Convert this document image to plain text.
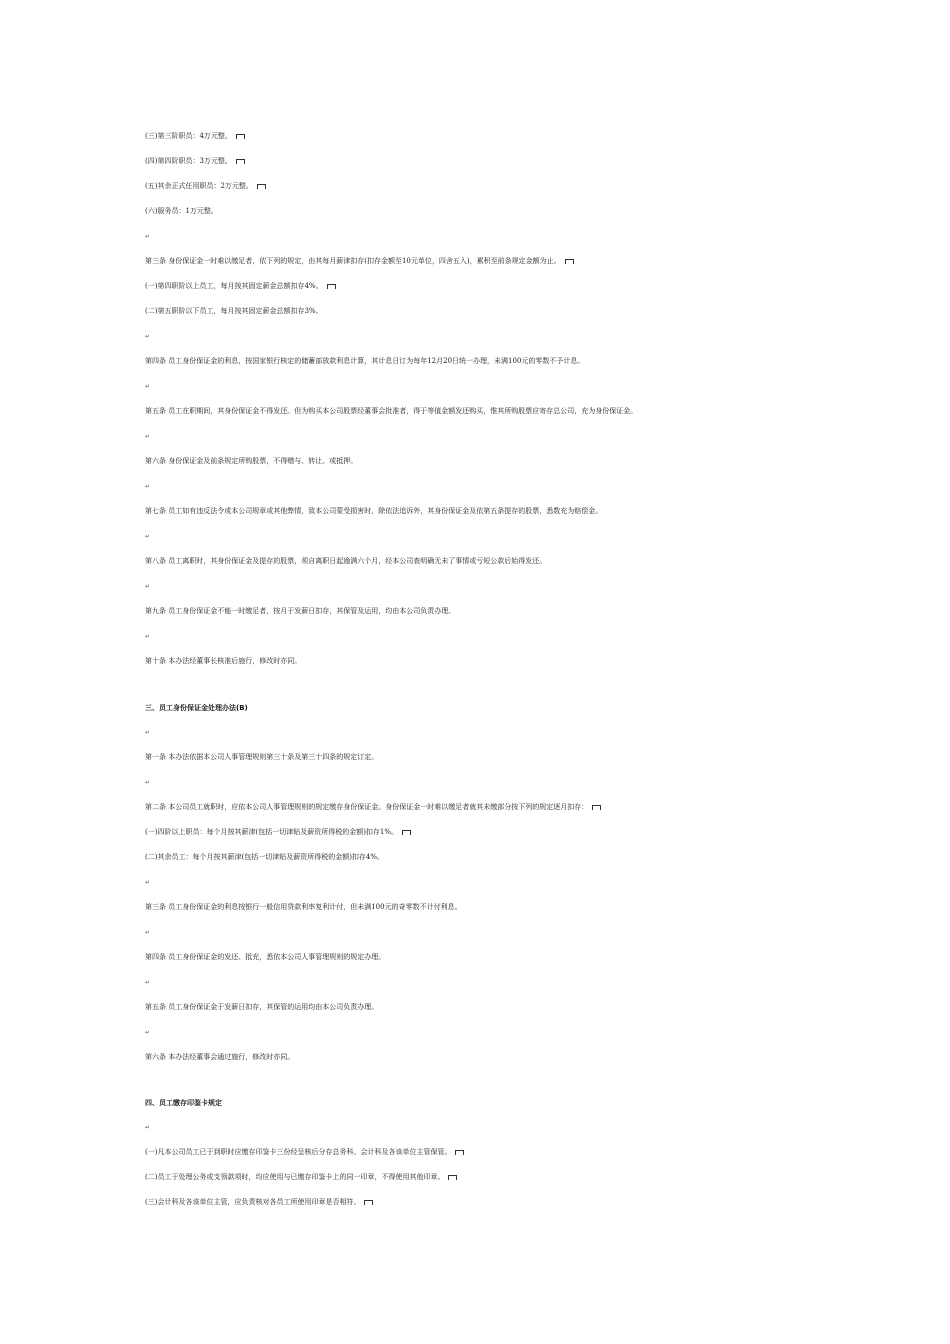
(三)第三阶职员：4万元整。
(四)第四阶职员：3万元整。
(五)其余正式任用职员：2万元整。
(六)服务员：1万元整。
↵
第三条 身份保证金一时难以缴足者，依下列的规定，由其每月薪津扣存(扣存金额至10元单位，四舍五入)，累积至前条规定金额为止。
(一)第四职阶以上员工，每月按其固定薪金总额扣存4%。
(二)第五职阶以下员工，每月按其固定薪金总额扣存3%。
↵
第四条 员工身份保证金的利息，按国家银行核定的储蓄部放款利息计算，其计息日订为每年12月20日统一办理，未满100元的零数不予计息。
↵
第五条 员工在职期间，其身份保证金不得发还。但为购买本公司股票经董事会批准者，得于等值金额发还购买，惟其所购股票应寄存总公司，充为身份保证金。
↵
第六条 身份保证金及前条规定所购股票，不得赠与、转让、或抵押。
↵
第七条 员工如有违反法令或本公司规章或其他弊情，致本公司蒙受损害时，除依法追诉外，其身份保证金及依第五条提存的股票，悉数充为赔偿金。
↵
第八条 员工离职时，其身份保证金及提存的股票，须自离职日起逾满六个月，经本公司查明确无未了事情或亏短公款后始得发还。
↵
第九条 员工身份保证金不能一时缴足者，按月于发薪日扣存，其保管及运用，均由本公司负责办理。
↵
第十条 本办法经董事长核准后施行，修改时亦同。
三、员工身份保证金处理办法(B)
↵
第一条 本办法依据本公司人事管理规则第三十条及第三十四条的规定订定。
↵
第二条 本公司员工就职时，应依本公司人事管理规则的规定缴存身份保证金。身份保证金一时难以缴足者就其未缴部分按下列的规定逐月扣存：
(一)四阶以上职员：每个月按其薪津(包括一切津贴及薪资所得税的金额)扣存1%。
(二)其余员工：每个月按其薪津(包括一切津贴及薪资所得税的金额)扣存4%。
↵
第三条 员工身份保证金的利息按银行一般信用贷款利率复利计付，但未满100元的奇零数不计付利息。
↵
第四条 员工身份保证金的发还、抵充，悉依本公司人事管理规则的规定办理。
↵
第五条 员工身份保证金于发薪日扣存，其保管的运用均由本公司负责办理。
↵
第六条 本办法经董事会通过施行，修改时亦同。
四、员工缴存印鉴卡规定
↵
(一)凡本公司员工已于到职时应缴存印鉴卡三份经呈核后分存总务科、会计科及各该单位主管保管。
(二)员工于处理公务或支领款项时，均应使用与已缴存印鉴卡上的同一印章，不得使用其他印章。
(三)会计科及各该单位主管，应负责核对各员工所使用印章是否相符。
